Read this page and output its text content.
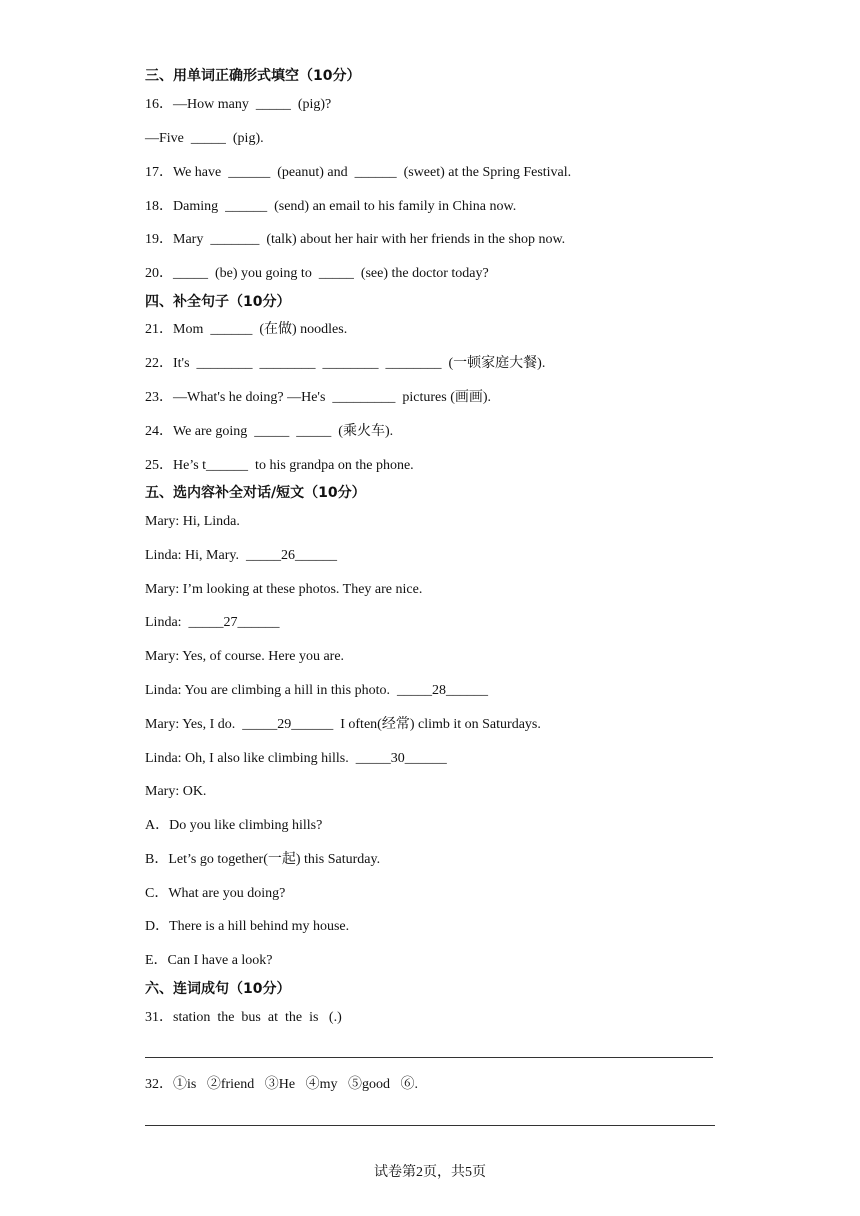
三、用单词正确形式填空（10分）
16．—How many  _____  (pig)?
—Five  _____  (pig).
17．We have  ______  (peanut) and  ______  (sweet) at the Spring Festival.
18．Daming  ______  (send) an email to his family in China now.
19．Mary  _______  (talk) about her hair with her friends in the shop now.
20．_____  (be) you going to  _____  (see) the doctor today?
四、补全句子（10分）
21．Mom  ______  (在做) noodles.
22．It's  ________  ________  ________  ________  (一顿家庭大餐).
23．—What's he doing? —He's  _________  pictures (画画).
24．We are going  _____  _____  (乘火车).
25．He’s t______  to his grandpa on the phone.
五、选内容补全对话/短文（10分）
Mary: Hi, Linda.
Linda: Hi, Mary.  _____26______
Mary: I’m looking at these photos. They are nice.
Linda:  _____27______
Mary: Yes, of course. Here you are.
Linda: You are climbing a hill in this photo.  _____28______
Mary: Yes, I do.  _____29______  I often(经常) climb it on Saturdays.
Linda: Oh, I also like climbing hills.  _____30______
Mary: OK.
A．Do you like climbing hills?
B．Let’s go together(一起) this Saturday.
C．What are you doing?
D．There is a hill behind my house.
E．Can I have a look?
六、连词成句（10分）
31．station  the  bus  at  the  is   (.)
32．①is   ②friend   ③He   ④my   ⑤good   ⑥.
试卷第2页，共5页
